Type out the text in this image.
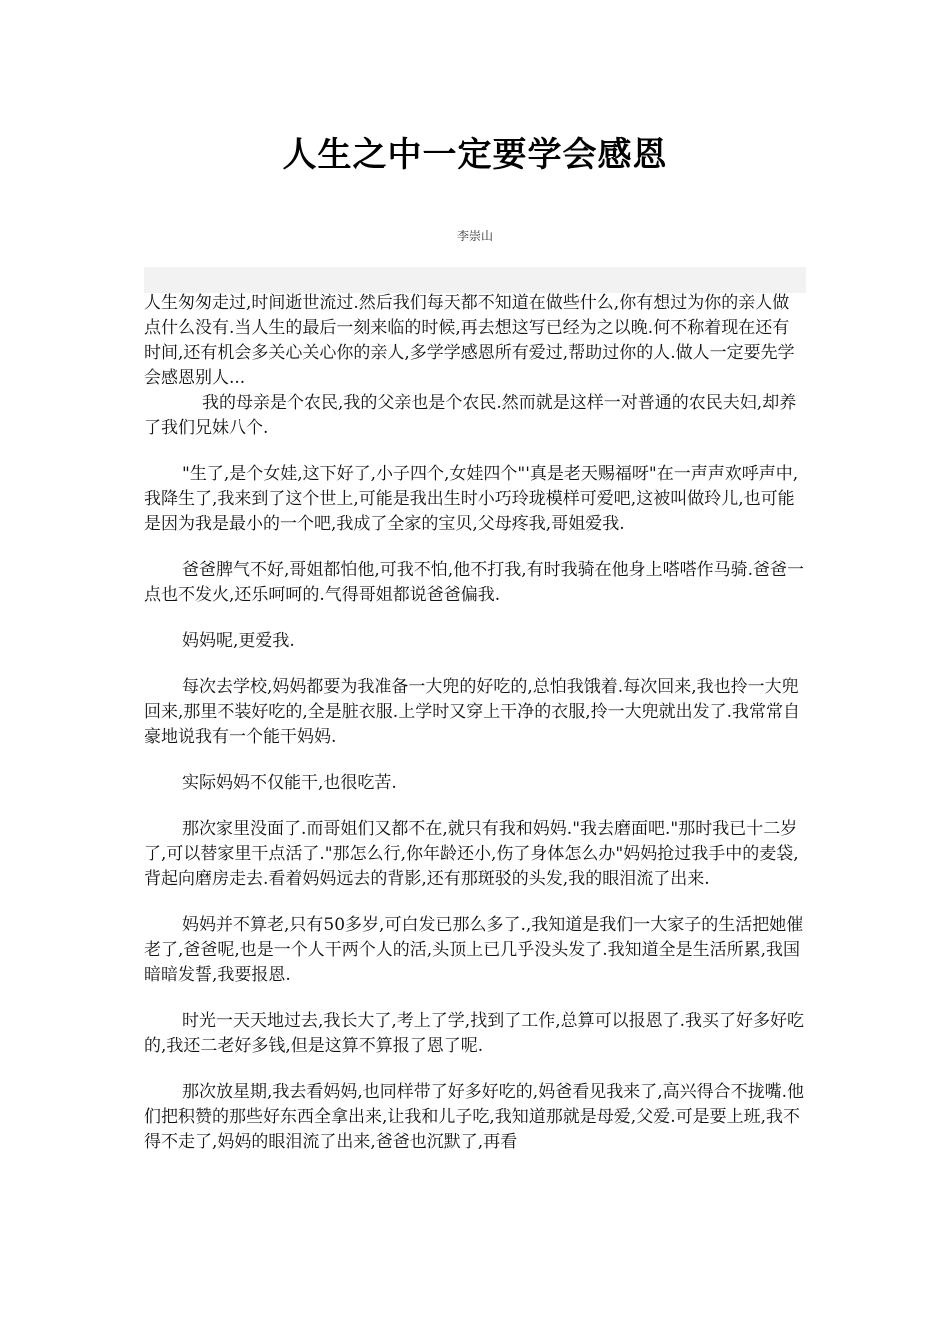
人生之中一定要学会感恩
李崇山

人生匆匆走过,时间逝世流过.然后我们每天都不知道在做些什么,你有想过为你的亲人做点什么没有.当人生的最后一刻来临的时候,再去想这写已经为之以晚.何不称着现在还有时间,还有机会多关心关心你的亲人,多学学感恩所有爱过,帮助过你的人.做人一定要先学会感恩别人...

我的母亲是个农民,我的父亲也是个农民.然而就是这样一对普通的农民夫妇,却养了我们兄妹八个.

"生了,是个女娃,这下好了,小子四个,女娃四个"'真是老天赐福呀"在一声声欢呼声中,我降生了,我来到了这个世上,可能是我出生时小巧玲珑模样可爱吧,这被叫做玲儿,也可能是因为我是最小的一个吧,我成了全家的宝贝,父母疼我,哥姐爱我.

爸爸脾气不好,哥姐都怕他,可我不怕,他不打我,有时我骑在他身上嗒嗒作马骑.爸爸一点也不发火,还乐呵呵的.气得哥姐都说爸爸偏我.

妈妈呢,更爱我.

每次去学校,妈妈都要为我准备一大兜的好吃的,总怕我饿着.每次回来,我也拎一大兜回来,那里不装好吃的,全是脏衣服.上学时又穿上干净的衣服,拎一大兜就出发了.我常常自豪地说我有一个能干妈妈.

实际妈妈不仅能干,也很吃苦.

那次家里没面了.而哥姐们又都不在,就只有我和妈妈."我去磨面吧."那时我已十二岁了,可以替家里干点活了."那怎么行,你年龄还小,伤了身体怎么办"妈妈抢过我手中的麦袋,背起向磨房走去.看着妈妈远去的背影,还有那斑驳的头发,我的眼泪流了出来.

妈妈并不算老,只有50多岁,可白发已那么多了.,我知道是我们一大家子的生活把她催老了,爸爸呢,也是一个人干两个人的活,头顶上已几乎没头发了.我知道全是生活所累,我国暗暗发誓,我要报恩.

时光一天天地过去,我长大了,考上了学,找到了工作,总算可以报恩了.我买了好多好吃的,我还二老好多钱,但是这算不算报了恩了呢.

那次放星期,我去看妈妈,也同样带了好多好吃的,妈爸看见我来了,高兴得合不拢嘴.他们把积赞的那些好东西全拿出来,让我和儿子吃,我知道那就是母爱,父爱.可是要上班,我不得不走了,妈妈的眼泪流了出来,爸爸也沉默了,再看
